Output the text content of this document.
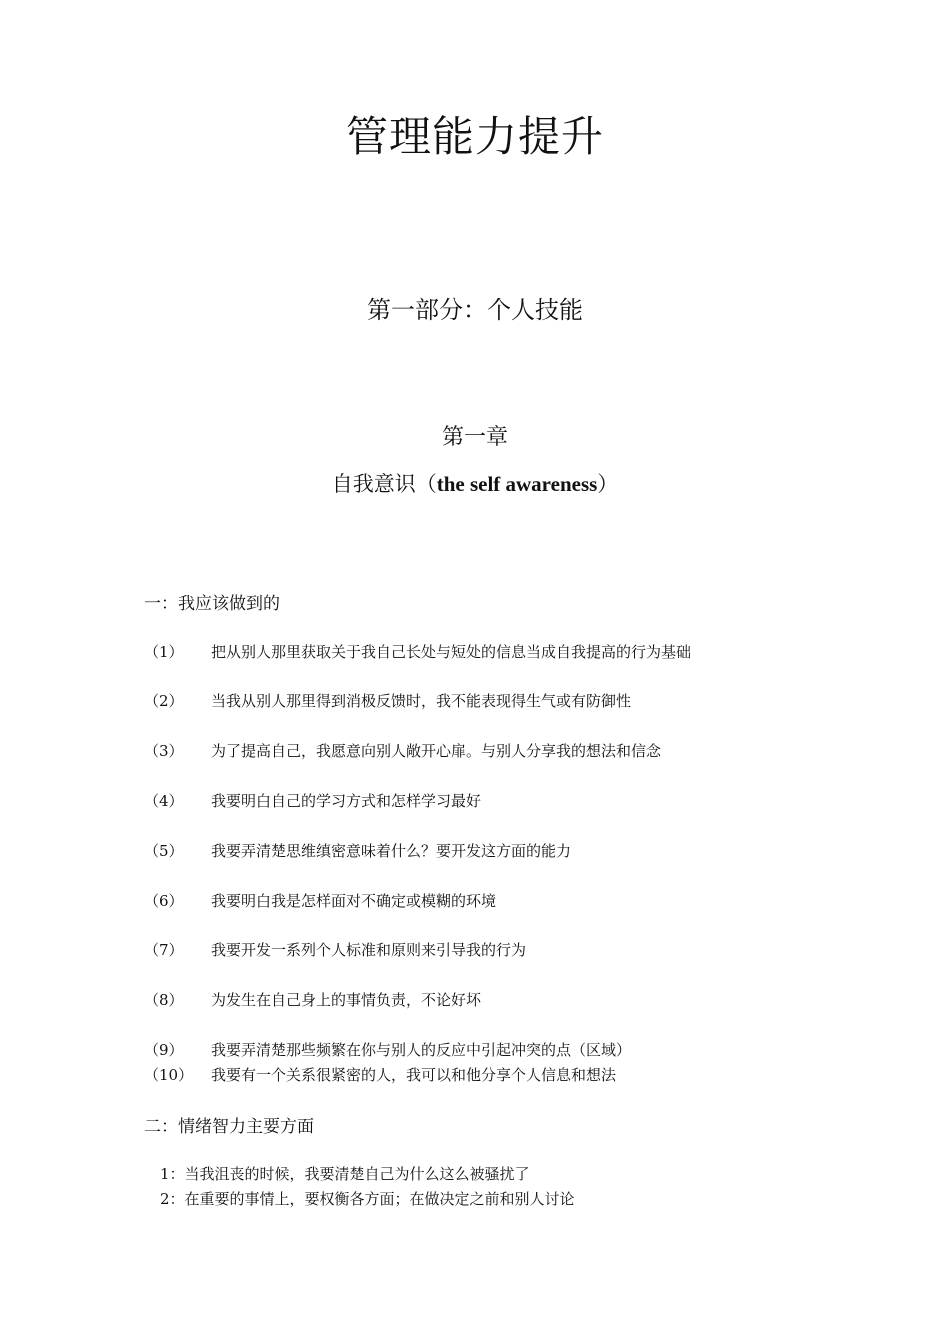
管理能力提升
第一部分：个人技能
第一章
自我意识（the self awareness）
一：我应该做到的
（1） 把从别人那里获取关于我自己长处与短处的信息当成自我提高的行为基础
（2） 当我从别人那里得到消极反馈时，我不能表现得生气或有防御性
（3） 为了提高自己，我愿意向别人敞开心扉。与别人分享我的想法和信念
（4） 我要明白自己的学习方式和怎样学习最好
（5） 我要弄清楚思维缜密意味着什么？要开发这方面的能力
（6） 我要明白我是怎样面对不确定或模糊的环境
（7） 我要开发一系列个人标准和原则来引导我的行为
（8） 为发生在自己身上的事情负责，不论好坏
（9） 我要弄清楚那些频繁在你与别人的反应中引起冲突的点（区域）
（10） 我要有一个关系很紧密的人，我可以和他分享个人信息和想法
二：情绪智力主要方面
1：当我沮丧的时候，我要清楚自己为什么这么被骚扰了
2：在重要的事情上，要权衡各方面；在做决定之前和别人讨论
